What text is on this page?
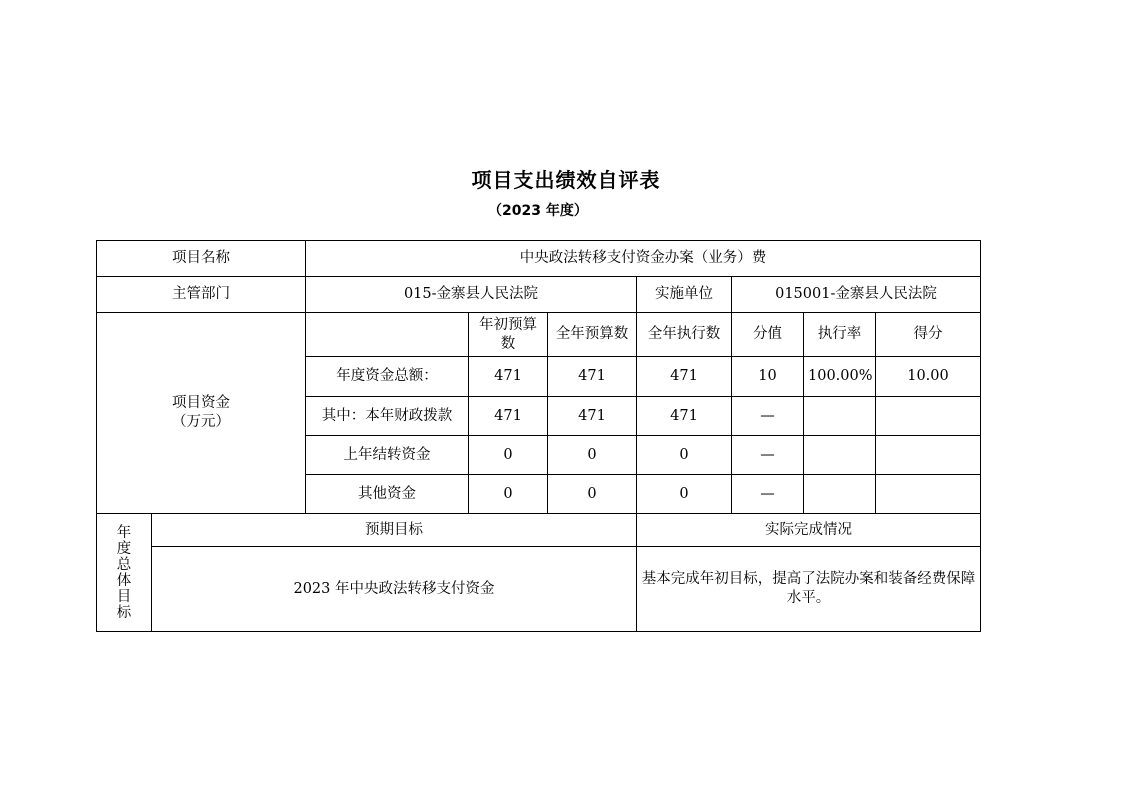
项目支出绩效自评表
（2023 年度）
项目名称		中央政法转移支付资金办案（业务）费						
主管部门		015-金寨县人民法院			实施单位	015001-金寨县人民法院		
项目资金
（万元）			年初预算数	全年预算数	全年执行数	分值	执行率	得分
		年度资金总额：	471	471	471	10	100.00%	10.00
		其中：本年财政拨款	471	471	471	—		
		上年结转资金	0	0	0	—		
		其他资金	0	0	0	—		

年度总体目标	预期目标				实际完成情况			
	2023 年中央政法转移支付资金				基本完成年初目标，提高了法院办案和装备经费保障水平。			
